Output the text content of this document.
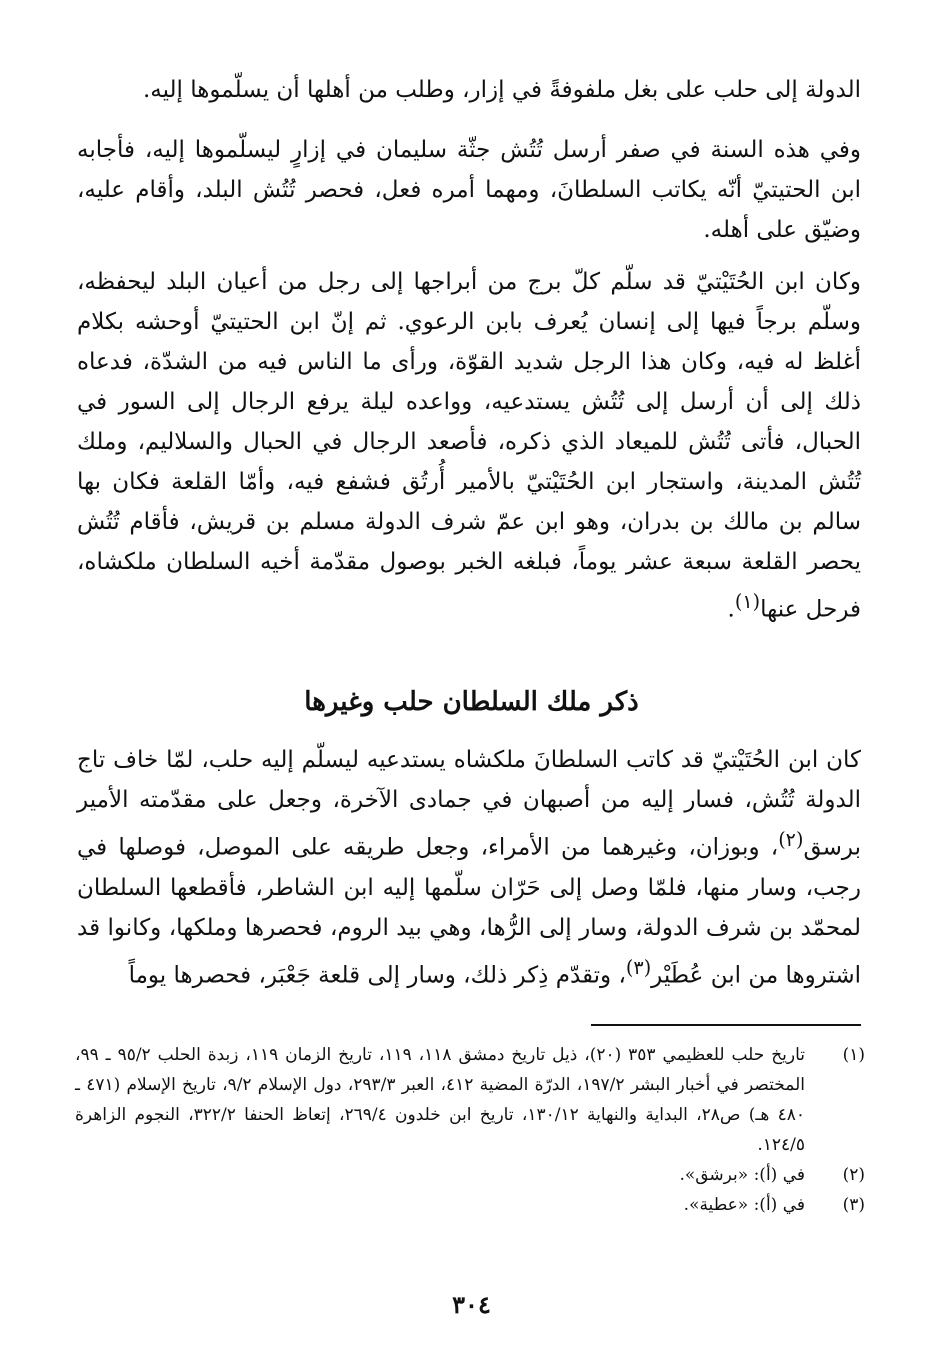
الدولة إلى حلب على بغل ملفوفةً في إزار، وطلب من أهلها أن يسلّموها إليه.

وفي هذه السنة في صفر أرسل تُتُش جثّة سليمان في إزارٍ ليسلّموها إليه، فأجابه ابن الحتيتيّ أنّه يكاتب السلطانَ، ومهما أمره فعل، فحصر تُتُش البلد، وأقام عليه، وضيّق على أهله.

وكان ابن الحُتَيْتيّ قد سلّم كلّ برج من أبراجها إلى رجل من أعيان البلد ليحفظه، وسلّم برجاً فيها إلى إنسان يُعرف بابن الرعوي. ثم إنّ ابن الحتيتيّ أوحشه بكلام أغلظ له فيه، وكان هذا الرجل شديد القوّة، ورأى ما الناس فيه من الشدّة، فدعاه ذلك إلى أن أرسل إلى تُتُش يستدعيه، وواعده ليلة يرفع الرجال إلى السور في الحبال، فأتى تُتُش للميعاد الذي ذكره، فأصعد الرجال في الحبال والسلاليم، وملك تُتُش المدينة، واستجار ابن الحُتَيْتيّ بالأمير أُرتُق فشفع فيه، وأمّا القلعة فكان بها سالم بن مالك بن بدران، وهو ابن عمّ شرف الدولة مسلم بن قريش، فأقام تُتُش يحصر القلعة سبعة عشر يوماً، فبلغه الخبر بوصول مقدّمة أخيه السلطان ملكشاه، فرحل عنها$^{(١)}$.

ذكر ملك السلطان حلب وغيرها

كان ابن الحُتَيْتيّ قد كاتب السلطانَ ملكشاه يستدعيه ليسلّم إليه حلب، لمّا خاف تاج الدولة تُتُش، فسار إليه من أصبهان في جمادى الآخرة، وجعل على مقدّمته الأمير برسق$^{(٢)}$، وبوزان، وغيرهما من الأمراء، وجعل طريقه على الموصل، فوصلها في رجب، وسار منها، فلمّا وصل إلى حَرّان سلّمها إليه ابن الشاطر، فأقطعها السلطان لمحمّد بن شرف الدولة، وسار إلى الرُّها، وهي بيد الروم، فحصرها وملكها، وكانوا قد اشتروها من ابن عُطَيْر$^{(٣)}$، وتقدّم ذِكر ذلك، وسار إلى قلعة جَعْبَر، فحصرها يوماً

(١)
تاريخ حلب للعظيمي ٣٥٣ (٢٠)، ذيل تاريخ دمشق ١١٨، ١١٩، تاريخ الزمان ١١٩، زبدة الحلب ٩٥/٢ ـ ٩٩، المختصر في أخبار البشر ١٩٧/٢، الدرّة المضية ٤١٢، العبر ٢٩٣/٣، دول الإسلام ٩/٢، تاريخ الإسلام (٤٧١ ـ ٤٨٠ هـ) ص٢٨، البداية والنهاية ١٣٠/١٢، تاريخ ابن خلدون ٢٦٩/٤، إتعاظ الحنفا ٣٢٢/٢، النجوم الزاهرة ١٢٤/٥.
(٢)
في (أ): «برشق».
(٣)
في (أ): «عطية».
٣٠٤
